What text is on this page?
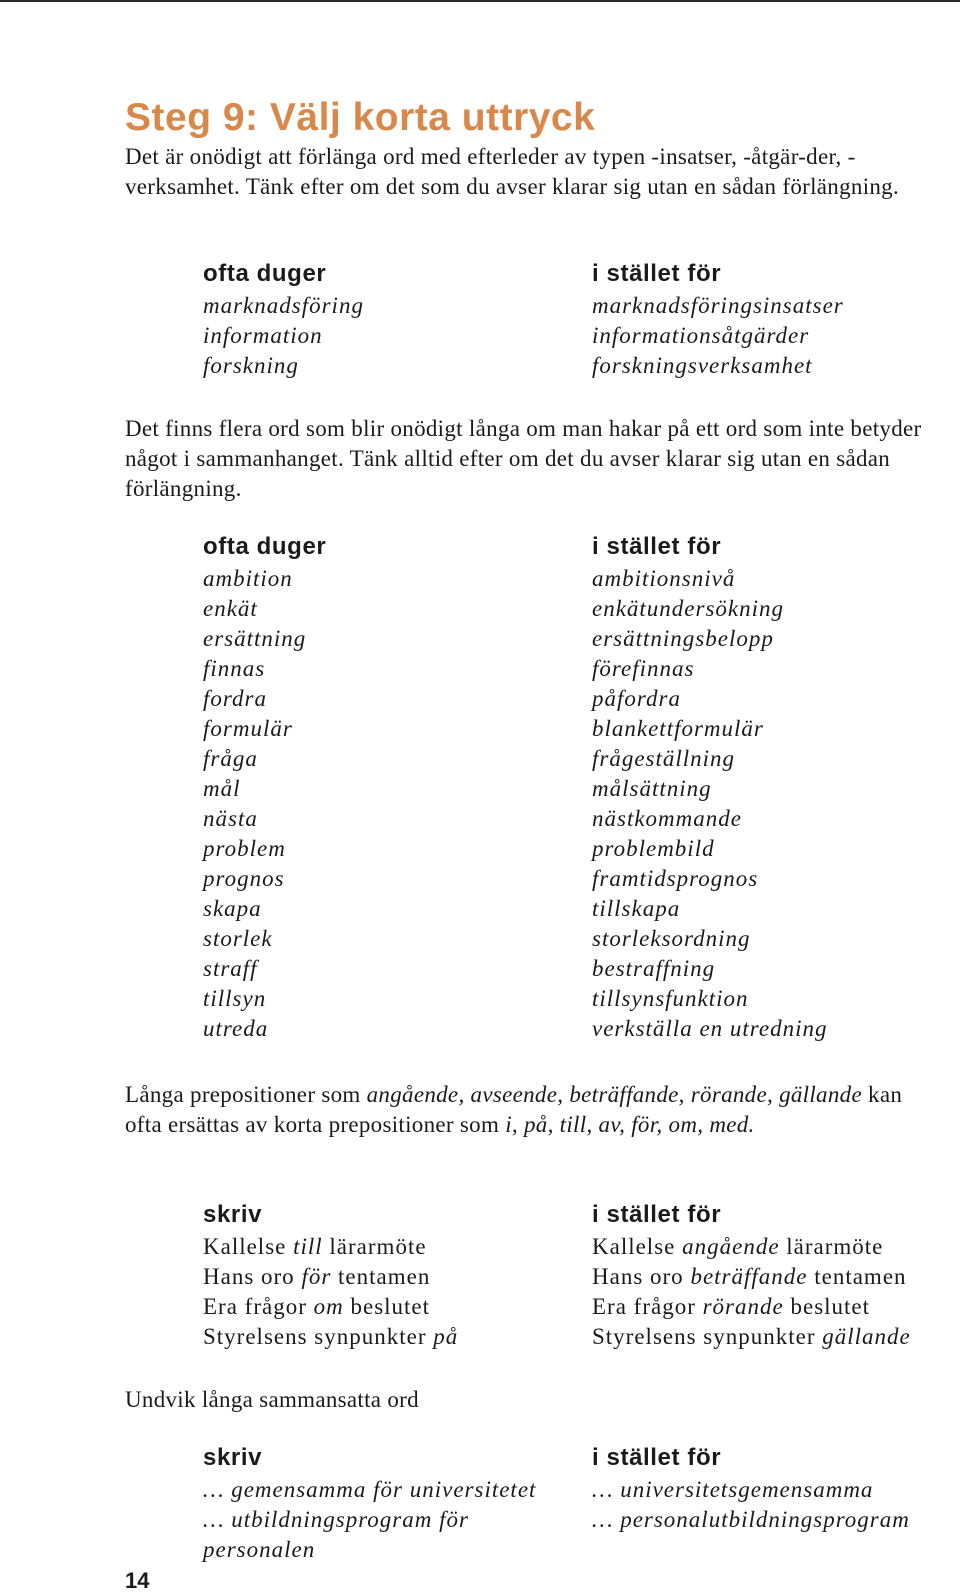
Steg 9: Välj korta uttryck

Det är onödigt att förlänga ord med efterleder av typen -insatser, -åtgär-der, -verksamhet. Tänk efter om det som du avser klarar sig utan en sådan förlängning.

ofta duger
marknadsföring
information
forskning
i stället för
marknadsföringsinsatser
informationsåtgärder
forskningsverksamhet

Det finns flera ord som blir onödigt långa om man hakar på ett ord som inte betyder något i sammanhanget. Tänk alltid efter om det du avser klarar sig utan en sådan förlängning.

ofta duger
ambition
enkät
ersättning
finnas
fordra
formulär
fråga
mål
nästa
problem
prognos
skapa
storlek
straff
tillsyn
utreda
i stället för
ambitionsnivå
enkätundersökning
ersättningsbelopp
förefinnas
påfordra
blankettformulär
frågeställning
målsättning
nästkommande
problembild
framtidsprognos
tillskapa
storleksordning
bestraffning
tillsynsfunktion
verkställa en utredning

Långa prepositioner som angående, avseende, beträffande, rörande, gällande kan ofta ersättas av korta prepositioner som i, på, till, av, för, om, med.

skriv
Kallelse till lärarmöte
Hans oro för tentamen
Era frågor om beslutet
Styrelsens synpunkter på
i stället för
Kallelse angående lärarmöte
Hans oro beträffande tentamen
Era frågor rörande beslutet
Styrelsens synpunkter gällande

Undvik långa sammansatta ord

skriv
… gemensamma för universitetet
… utbildningsprogram för
personalen
i stället för
… universitetsgemensamma
… personalutbildningsprogram
14
